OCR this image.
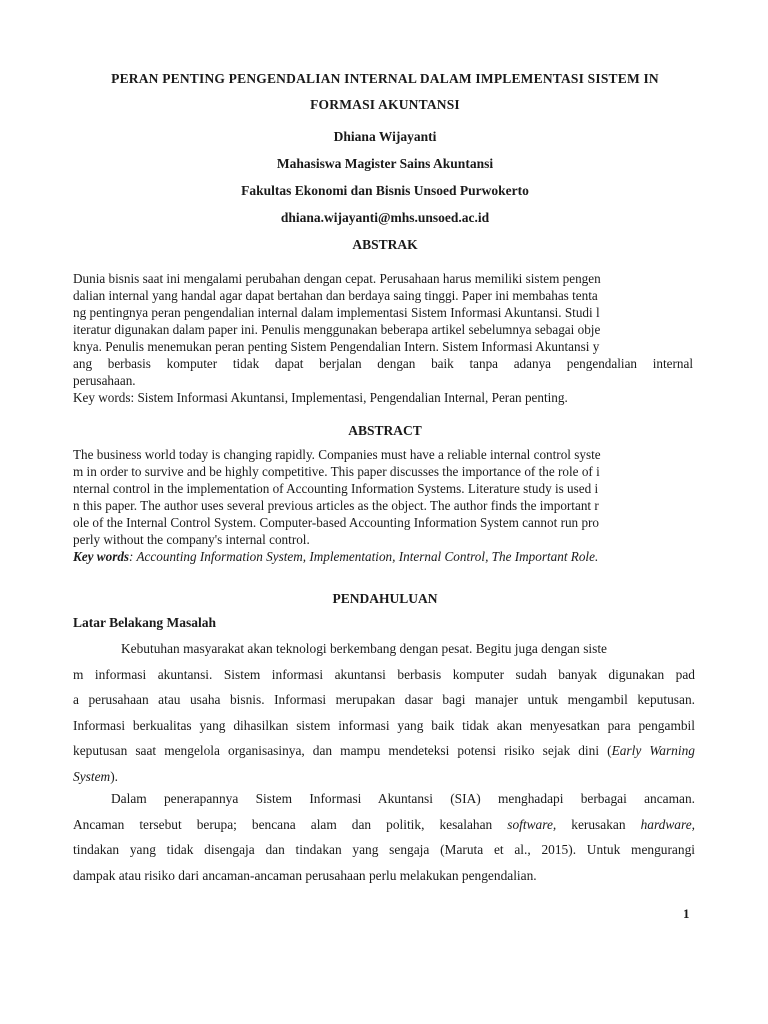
PERAN PENTING PENGENDALIAN INTERNAL DALAM IMPLEMENTASI SISTEM IN
FORMASI AKUNTANSI
Dhiana Wijayanti
Mahasiswa Magister Sains Akuntansi
Fakultas Ekonomi dan Bisnis Unsoed Purwokerto
dhiana.wijayanti@mhs.unsoed.ac.id
ABSTRAK
Dunia bisnis saat ini mengalami perubahan dengan cepat. Perusahaan harus memiliki sistem pengen
dalian internal yang handal agar dapat bertahan dan berdaya saing tinggi. Paper ini membahas tenta
ng pentingnya peran pengendalian internal dalam implementasi Sistem Informasi Akuntansi. Studi l
iteratur digunakan dalam paper ini. Penulis menggunakan beberapa artikel sebelumnya sebagai obje
knya. Penulis menemukan peran penting Sistem Pengendalian Intern. Sistem Informasi Akuntansi y
ang berbasis komputer tidak dapat berjalan dengan baik tanpa adanya pengendalian internal
perusahaan.
Key words: Sistem Informasi Akuntansi, Implementasi, Pengendalian Internal, Peran penting.
ABSTRACT
The business world today is changing rapidly. Companies must have a reliable internal control syste
m in order to survive and be highly competitive. This paper discusses the importance of the role of i
nternal control in the implementation of Accounting Information Systems. Literature study is used i
n this paper. The author uses several previous articles as the object. The author finds the important r
ole of the Internal Control System. Computer-based Accounting Information System cannot run pro
perly without the company's internal control.
Key words: Accounting Information System, Implementation, Internal Control, The Important Role.
PENDAHULUAN
Latar Belakang Masalah
Kebutuhan masyarakat akan teknologi berkembang dengan pesat. Begitu juga dengan siste
m informasi akuntansi. Sistem informasi akuntansi berbasis komputer sudah banyak digunakan pad
a perusahaan atau usaha bisnis. Informasi merupakan dasar bagi manajer untuk mengambil keputusan.
Informasi berkualitas yang dihasilkan sistem informasi yang baik tidak akan menyesatkan para pengambil
keputusan saat mengelola organisasinya, dan mampu mendeteksi potensi risiko sejak dini (Early Warning
System).
Dalam penerapannya Sistem Informasi Akuntansi (SIA) menghadapi berbagai ancaman.
Ancaman tersebut berupa; bencana alam dan politik, kesalahan software, kerusakan hardware,
tindakan yang tidak disengaja dan tindakan yang sengaja (Maruta et al., 2015). Untuk mengurangi
dampak atau risiko dari ancaman-ancaman perusahaan perlu melakukan pengendalian.
1
